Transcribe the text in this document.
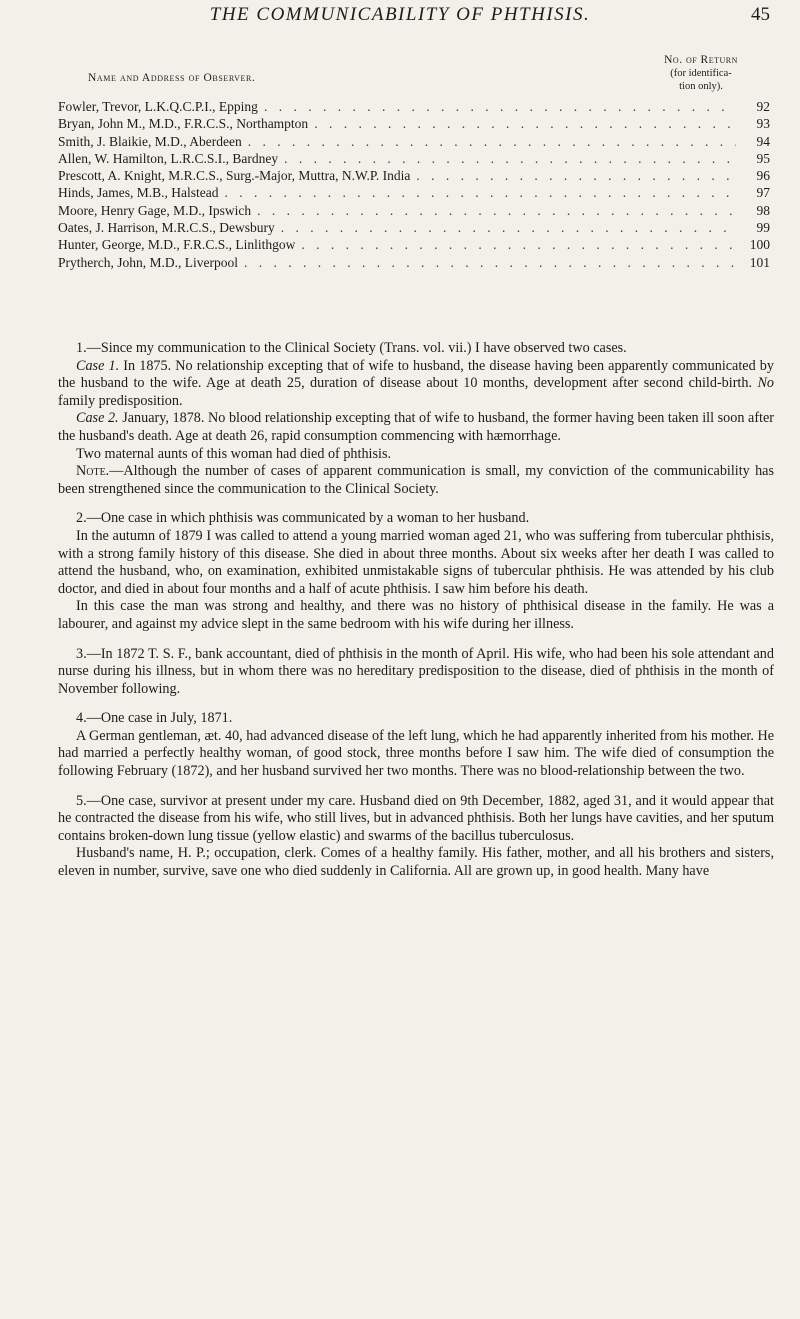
THE COMMUNICABILITY OF PHTHISIS.	45
Name and Address of Observer.
No. of Return
(for identifica-
tion only).
Fowler, Trevor, L.K.Q.C.P.I., Epping . . .	92
Bryan, John M., M.D., F.R.C.S., Northampton . . .	93
Smith, J. Blaikie, M.D., Aberdeen . . .	94
Allen, W. Hamilton, L.R.C.S.I., Bardney . . .	95
Prescott, A. Knight, M.R.C.S., Surg.-Major, Muttra, N.W.P. India . . .	96
Hinds, James, M.B., Halstead . . .	97
Moore, Henry Gage, M.D., Ipswich . . .	98
Oates, J. Harrison, M.R.C.S., Dewsbury . . .	99
Hunter, George, M.D., F.R.C.S., Linlithgow . . .	100
Prytherch, John, M.D., Liverpool . . .	101

1.—Since my communication to the Clinical Society (Trans. vol. vii.) I have observed two cases.

Case 1. In 1875. No relationship excepting that of wife to husband, the disease having been apparently communicated by the husband to the wife. Age at death 25, duration of disease about 10 months, development after second child-birth. No family predisposition.

Case 2. January, 1878. No blood relationship excepting that of wife to husband, the former having been taken ill soon after the husband's death. Age at death 26, rapid consumption commencing with hæmorrhage.

Two maternal aunts of this woman had died of phthisis.

Note.—Although the number of cases of apparent communication is small, my conviction of the communicability has been strengthened since the communication to the Clinical Society.

2.—One case in which phthisis was communicated by a woman to her husband.

In the autumn of 1879 I was called to attend a young married woman aged 21, who was suffering from tubercular phthisis, with a strong family history of this disease. She died in about three months. About six weeks after her death I was called to attend the husband, who, on examination, exhibited unmistakable signs of tubercular phthisis. He was attended by his club doctor, and died in about four months and a half of acute phthisis. I saw him before his death.

In this case the man was strong and healthy, and there was no history of phthisical disease in the family. He was a labourer, and against my advice slept in the same bedroom with his wife during her illness.

3.—In 1872 T. S. F., bank accountant, died of phthisis in the month of April. His wife, who had been his sole attendant and nurse during his illness, but in whom there was no hereditary predisposition to the disease, died of phthisis in the month of November following.

4.—One case in July, 1871.

A German gentleman, æt. 40, had advanced disease of the left lung, which he had apparently inherited from his mother. He had married a perfectly healthy woman, of good stock, three months before I saw him. The wife died of consumption the following February (1872), and her husband survived her two months. There was no blood-relationship between the two.

5.—One case, survivor at present under my care. Husband died on 9th December, 1882, aged 31, and it would appear that he contracted the disease from his wife, who still lives, but in advanced phthisis. Both her lungs have cavities, and her sputum contains broken-down lung tissue (yellow elastic) and swarms of the bacillus tuberculosus.

Husband's name, H. P.; occupation, clerk. Comes of a healthy family. His father, mother, and all his brothers and sisters, eleven in number, survive, save one who died suddenly in California. All are grown up, in good health. Many have
